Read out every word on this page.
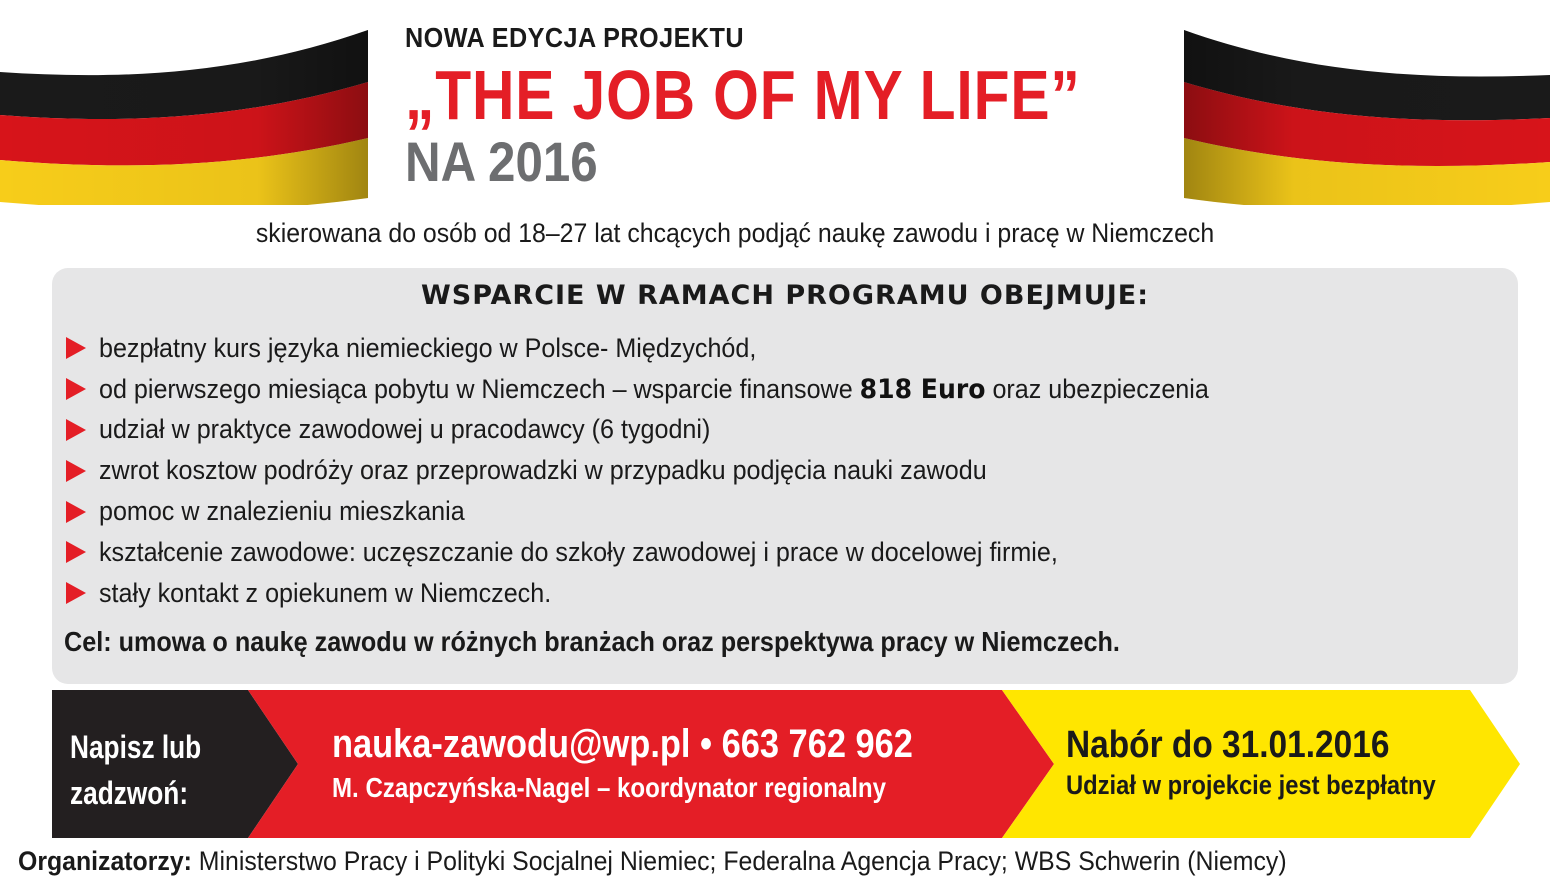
NOWA EDYCJA PROJEKTU
„THE JOB OF MY LIFE”
NA 2016
skierowana do osób od 18–27 lat chcących podjąć naukę zawodu i pracę w Niemczech
WSPARCIE W RAMACH PROGRAMU OBEJMUJE:
bezpłatny kurs języka niemieckiego w Polsce- Międzychód,
od pierwszego miesiąca pobytu w Niemczech – wsparcie finansowe 818 Euro oraz ubezpieczenia
udział w praktyce zawodowej u pracodawcy (6 tygodni)
zwrot kosztow podróży oraz przeprowadzki w przypadku podjęcia nauki zawodu
pomoc w znalezieniu mieszkania
kształcenie zawodowe: uczęszczanie do szkoły zawodowej i prace w docelowej firmie,
stały kontakt z opiekunem w Niemczech.
Cel: umowa o naukę zawodu w różnych branżach oraz perspektywa pracy w Niemczech.
Napisz lub
zadzwoń:
nauka-zawodu@wp.pl • 663 762 962
M. Czapczyńska-Nagel – koordynator regionalny
Nabór do 31.01.2016
Udział w projekcie jest bezpłatny
Organizatorzy: Ministerstwo Pracy i Polityki Socjalnej Niemiec; Federalna Agencja Pracy; WBS Schwerin (Niemcy)
